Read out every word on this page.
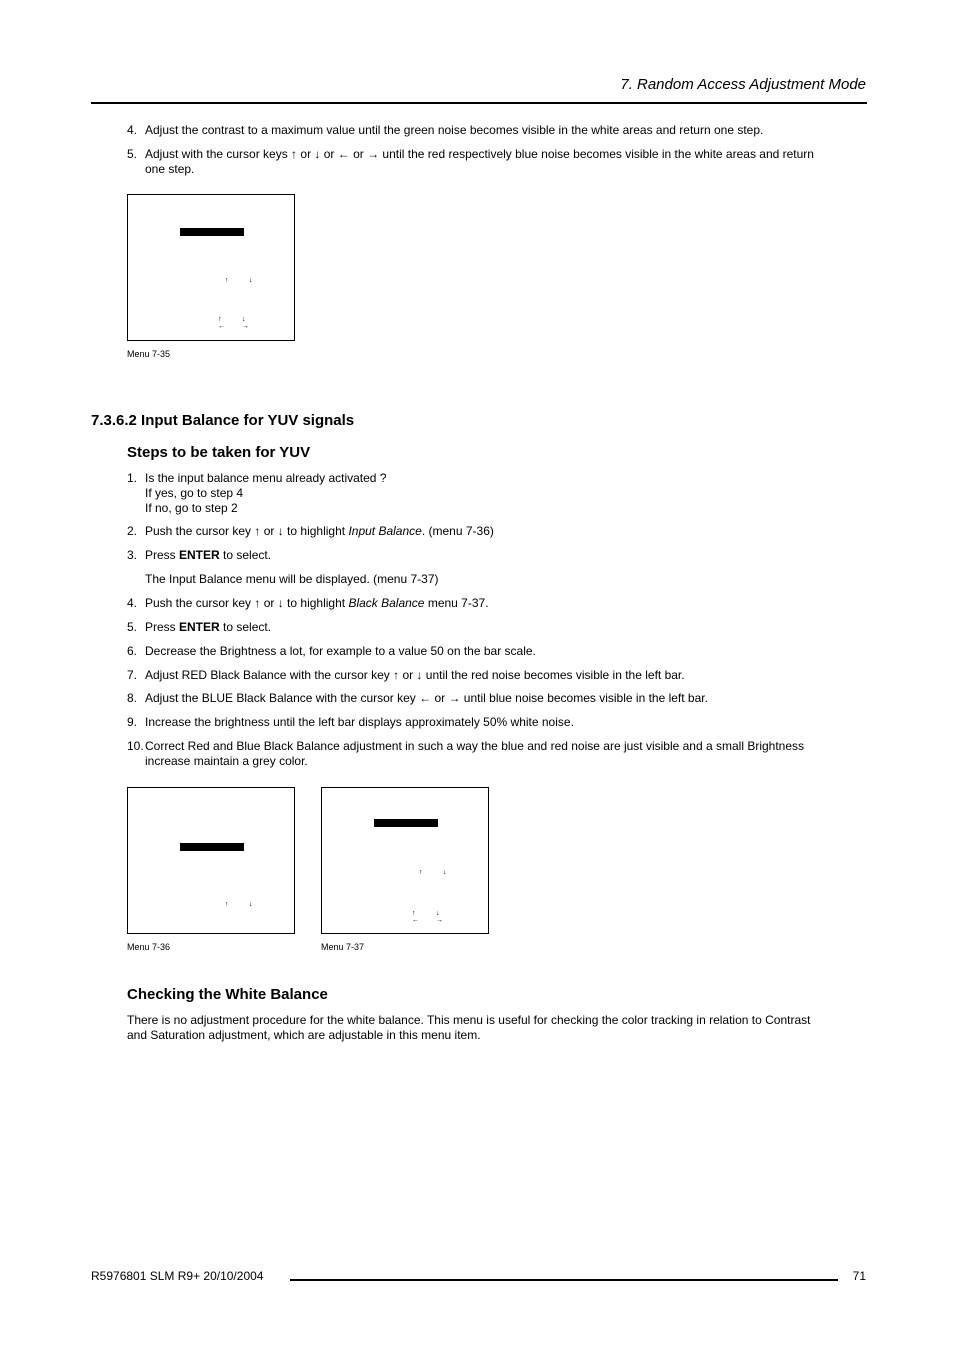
7. Random Access Adjustment Mode
4. Adjust the contrast to a maximum value until the green noise becomes visible in the white areas and return one step.
5. Adjust with the cursor keys ↑ or ↓ or ← or → until the red respectively blue noise becomes visible in the white areas and return
one step.
↑	↓
↑	↓
← →
Menu 7-35
7.3.6.2 Input Balance for YUV signals
Steps to be taken for YUV
1. Is the input balance menu already activated ?
If yes, go to step 4
If no, go to step 2
2. Push the cursor key ↑ or ↓ to highlight Input Balance. (menu 7-36)
3. Press ENTER to select.
The Input Balance menu will be displayed. (menu 7-37)
4. Push the cursor key ↑ or ↓ to highlight Black Balance menu 7-37.
5. Press ENTER to select.
6. Decrease the Brightness a lot, for example to a value 50 on the bar scale.
7. Adjust RED Black Balance with the cursor key ↑ or ↓ until the red noise becomes visible in the left bar.
8. Adjust the BLUE Black Balance with the cursor key ← or → until blue noise becomes visible in the left bar.
9. Increase the brightness until the left bar displays approximately 50% white noise.
10. Correct Red and Blue Black Balance adjustment in such a way the blue and red noise are just visible and a small Brightness
increase maintain a grey color.
↑	↓
Menu 7-36
↑	↓
↑	↓
← →
Menu 7-37
Checking the White Balance
There is no adjustment procedure for the white balance. This menu is useful for checking the color tracking in relation to Contrast
and Saturation adjustment, which are adjustable in this menu item.
R5976801 SLM R9+ 20/10/2004	71
